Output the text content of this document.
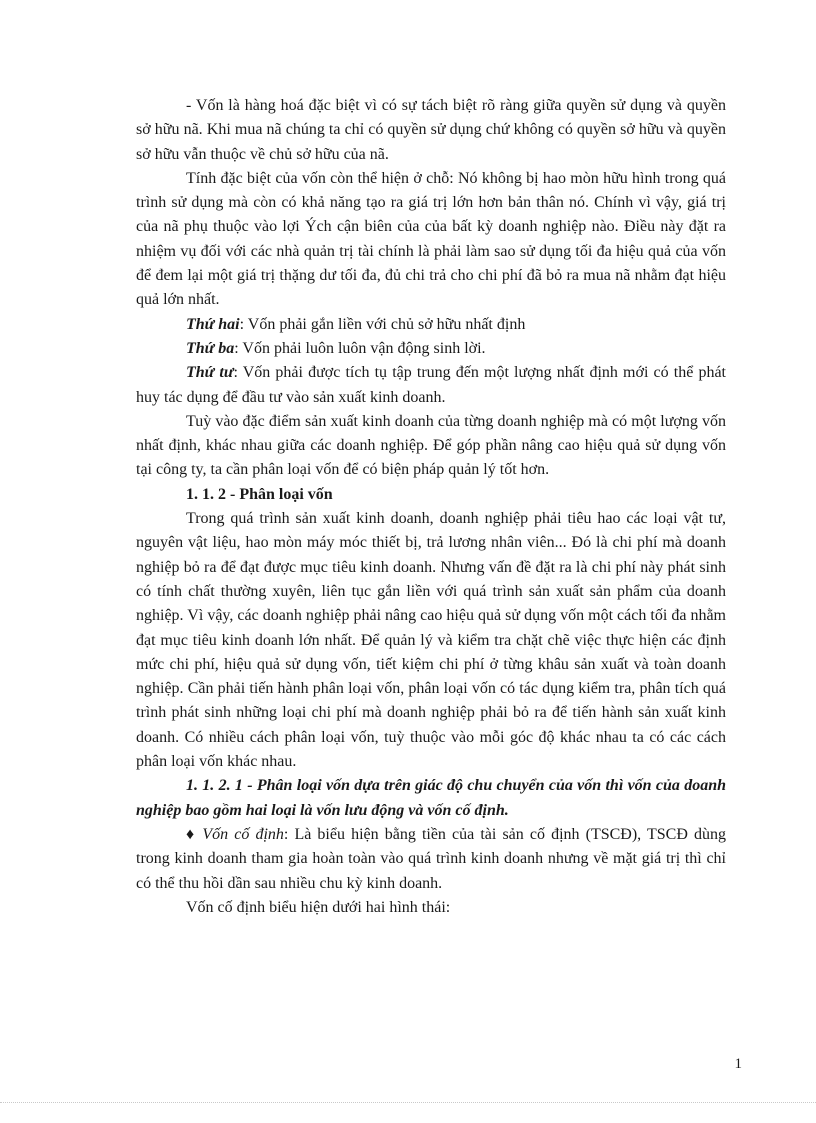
- Vốn là hàng hoá đặc biệt vì có sự tách biệt rõ ràng giữa quyền sử dụng và quyền sở hữu nã. Khi mua nã chúng ta chỉ có quyền sử dụng chứ không có quyền sở hữu và quyền sở hữu vẫn thuộc về chủ sở hữu của nã.

Tính đặc biệt của vốn còn thể hiện ở chỗ: Nó không bị hao mòn hữu hình trong quá trình sử dụng mà còn có khả năng tạo ra giá trị lớn hơn bản thân nó. Chính vì vậy, giá trị của nã phụ thuộc vào lợi Ých cận biên của của bất kỳ doanh nghiệp nào. Điều này đặt ra nhiệm vụ đối với các nhà quản trị tài chính là phải làm sao sử dụng tối đa hiệu quả của vốn để đem lại một giá trị thặng dư tối đa, đủ chi trả cho chi phí đã bỏ ra mua nã nhằm đạt hiệu quả lớn nhất.

Thứ hai: Vốn phải gắn liền với chủ sở hữu nhất định

Thứ ba: Vốn phải luôn luôn vận động sinh lời.

Thứ tư: Vốn phải được tích tụ tập trung đến một lượng nhất định mới có thể phát huy tác dụng để đầu tư vào sản xuất kinh doanh.

Tuỳ vào đặc điểm sản xuất kinh doanh của từng doanh nghiệp mà có một lượng vốn nhất định, khác nhau giữa các doanh nghiệp. Để góp phần nâng cao hiệu quả sử dụng vốn tại công ty, ta cần phân loại vốn để có biện pháp quản lý tốt hơn.

1. 1. 2 - Phân loại vốn

Trong quá trình sản xuất kinh doanh, doanh nghiệp phải tiêu hao các loại vật tư, nguyên vật liệu, hao mòn máy móc thiết bị, trả lương nhân viên... Đó là chi phí mà doanh nghiệp bỏ ra để đạt được mục tiêu kinh doanh. Nhưng vấn đề đặt ra là chi phí này phát sinh có tính chất thường xuyên, liên tục gắn liền với quá trình sản xuất sản phẩm của doanh nghiệp. Vì vậy, các doanh nghiệp phải nâng cao hiệu quả sử dụng vốn một cách tối đa nhằm đạt mục tiêu kinh doanh lớn nhất. Để quản lý và kiểm tra chặt chẽ việc thực hiện các định mức chi phí, hiệu quả sử dụng vốn, tiết kiệm chi phí ở từng khâu sản xuất và toàn doanh nghiệp. Cần phải tiến hành phân loại vốn, phân loại vốn có tác dụng kiểm tra, phân tích quá trình phát sinh những loại chi phí mà doanh nghiệp phải bỏ ra để tiến hành sản xuất kinh doanh. Có nhiều cách phân loại vốn, tuỳ thuộc vào mỗi góc độ khác nhau ta có các cách phân loại vốn khác nhau.

1. 1. 2. 1 - Phân loại vốn dựa trên giác độ chu chuyển của vốn thì vốn của doanh nghiệp bao gồm hai loại là vốn lưu động và vốn cố định.

♦ Vốn cố định: Là biểu hiện bằng tiền của tài sản cố định (TSCĐ), TSCĐ dùng trong kinh doanh tham gia hoàn toàn vào quá trình kinh doanh nhưng về mặt giá trị thì chỉ có thể thu hồi dần sau nhiều chu kỳ kinh doanh.

Vốn cố định biểu hiện dưới hai hình thái:

1
